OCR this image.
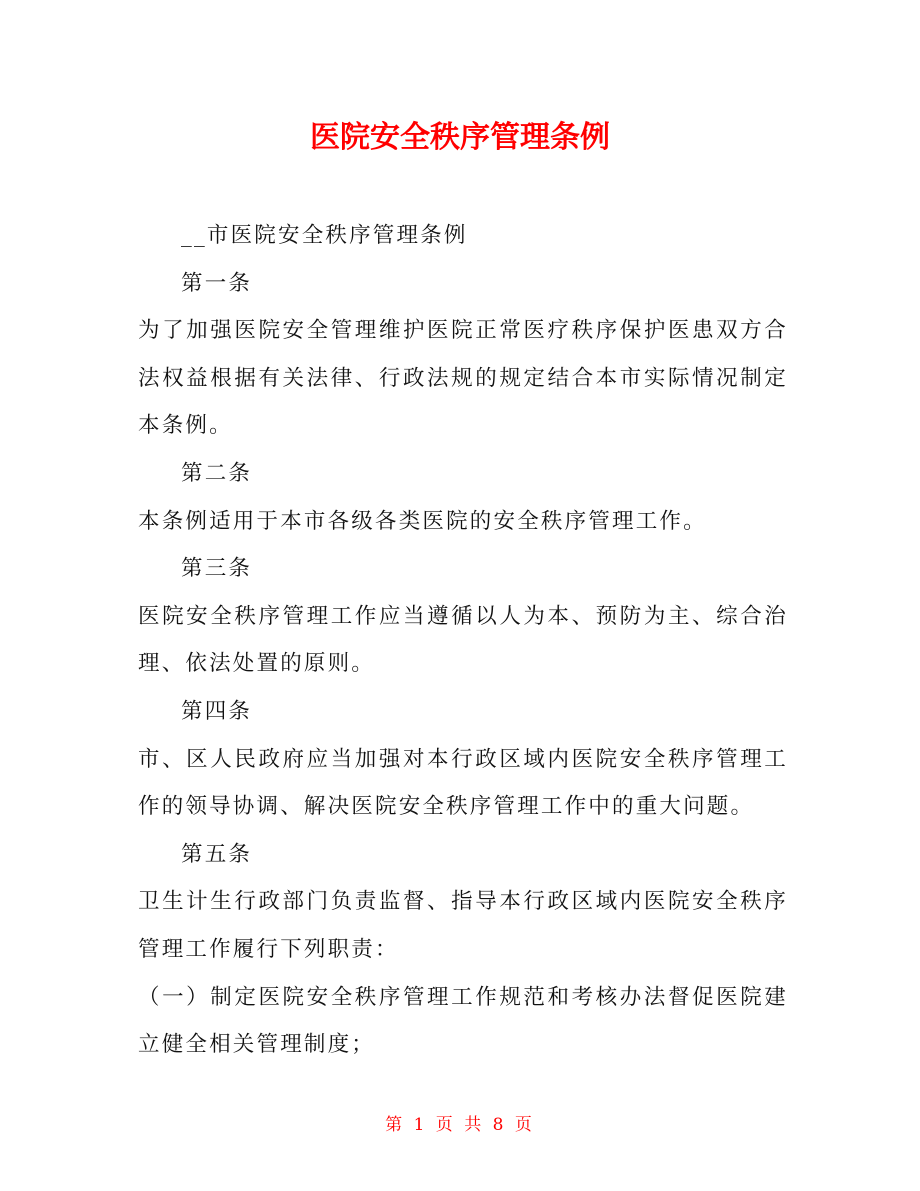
医院安全秩序管理条例

__市医院安全秩序管理条例

第一条

为了加强医院安全管理维护医院正常医疗秩序保护医患双方合法权益根据有关法律、行政法规的规定结合本市实际情况制定本条例。

第二条

本条例适用于本市各级各类医院的安全秩序管理工作。

第三条

医院安全秩序管理工作应当遵循以人为本、预防为主、综合治理、依法处置的原则。

第四条

市、区人民政府应当加强对本行政区域内医院安全秩序管理工作的领导协调、解决医院安全秩序管理工作中的重大问题。

第五条

卫生计生行政部门负责监督、指导本行政区域内医院安全秩序管理工作履行下列职责：

（一）制定医院安全秩序管理工作规范和考核办法督促医院建立健全相关管理制度；

第 1 页 共 8 页
